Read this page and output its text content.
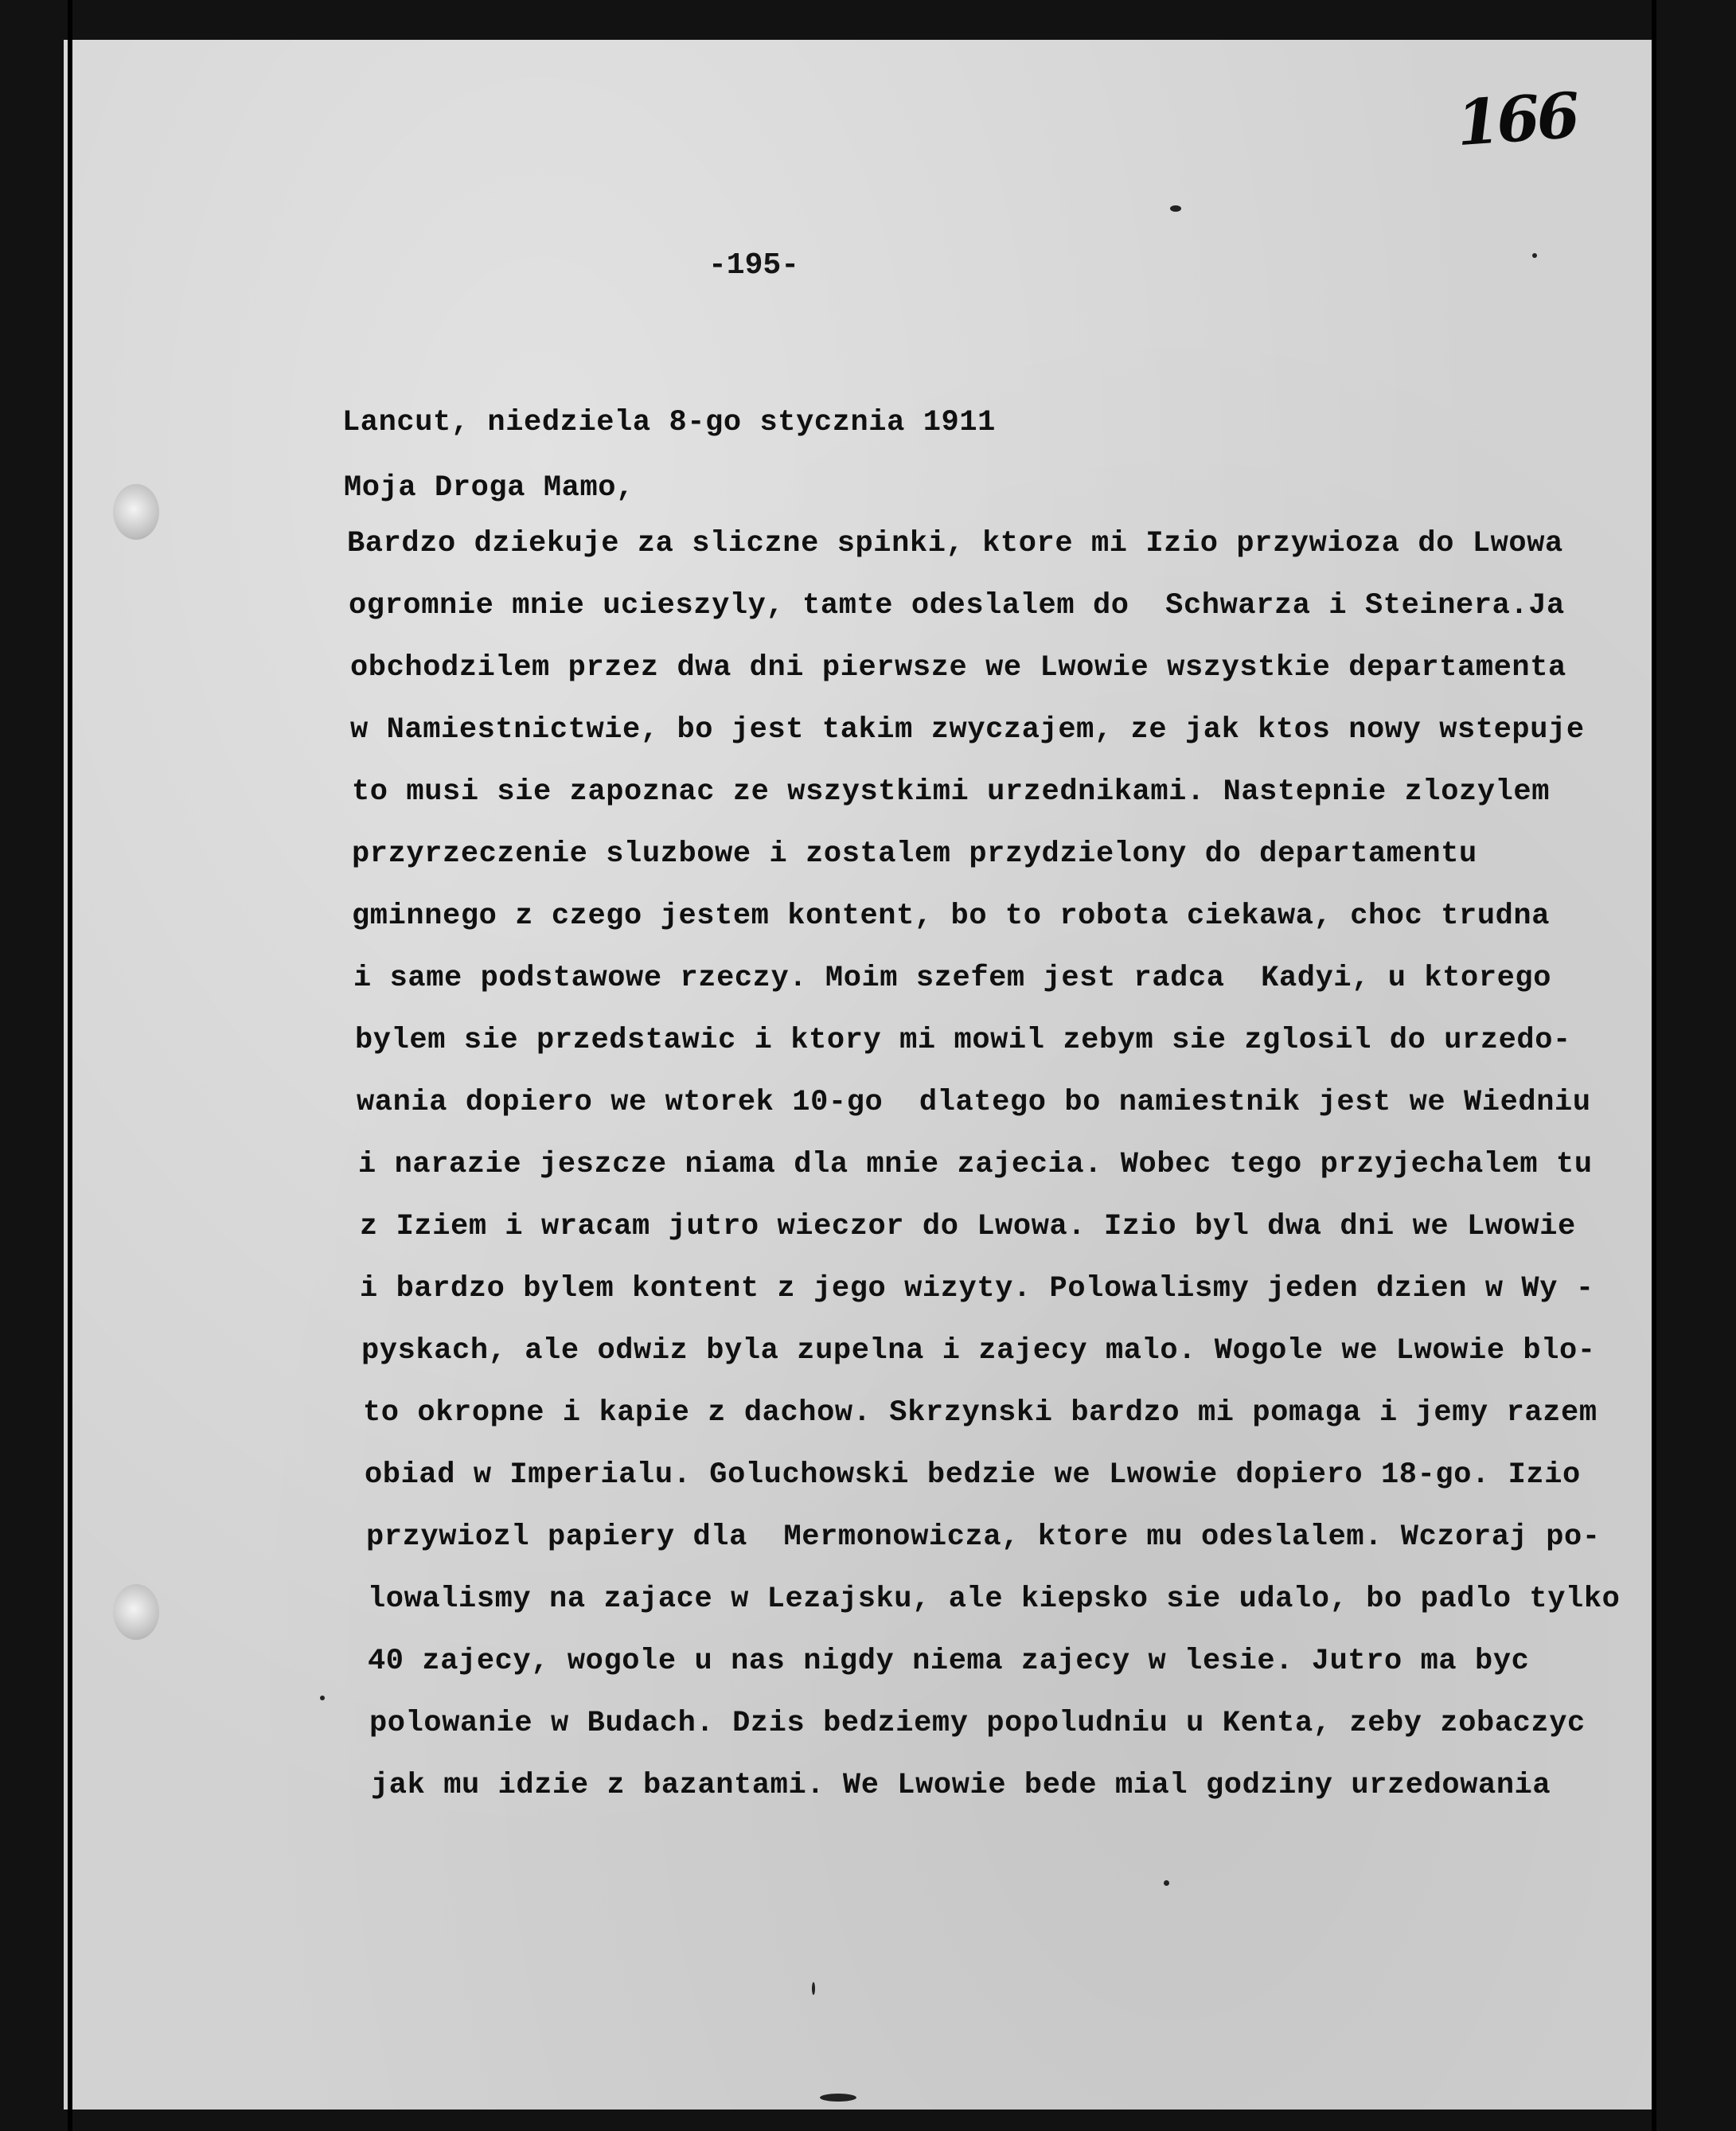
166
-195-
Lancut, niedziela 8-go stycznia 1911
Moja Droga Mamo,
Bardzo dziekuje za sliczne spinki, ktore mi Izio przywioza do Lwowa
ogromnie mnie ucieszyly, tamte odeslalem do  Schwarza i Steinera.Ja
obchodzilem przez dwa dni pierwsze we Lwowie wszystkie departamenta
w Namiestnictwie, bo jest takim zwyczajem, ze jak ktos nowy wstepuje
to musi sie zapoznac ze wszystkimi urzednikami. Nastepnie zlozylem
przyrzeczenie sluzbowe i zostalem przydzielony do departamentu
gminnego z czego jestem kontent, bo to robota ciekawa, choc trudna
i same podstawowe rzeczy. Moim szefem jest radca  Kadyi, u ktorego
bylem sie przedstawic i ktory mi mowil zebym sie zglosil do urzedo-
wania dopiero we wtorek 10-go  dlatego bo namiestnik jest we Wiedniu
i narazie jeszcze niama dla mnie zajecia. Wobec tego przyjechalem tu
z Iziem i wracam jutro wieczor do Lwowa. Izio byl dwa dni we Lwowie
i bardzo bylem kontent z jego wizyty. Polowalismy jeden dzien w Wy -
pyskach, ale odwiz byla zupelna i zajecy malo. Wogole we Lwowie blo-
to okropne i kapie z dachow. Skrzynski bardzo mi pomaga i jemy razem
obiad w Imperialu. Goluchowski bedzie we Lwowie dopiero 18-go. Izio
przywiozl papiery dla  Mermonowicza, ktore mu odeslalem. Wczoraj po-
lowalismy na zajace w Lezajsku, ale kiepsko sie udalo, bo padlo tylko
40 zajecy, wogole u nas nigdy niema zajecy w lesie. Jutro ma byc
polowanie w Budach. Dzis bedziemy popoludniu u Kenta, zeby zobaczyc
jak mu idzie z bazantami. We Lwowie bede mial godziny urzedowania
